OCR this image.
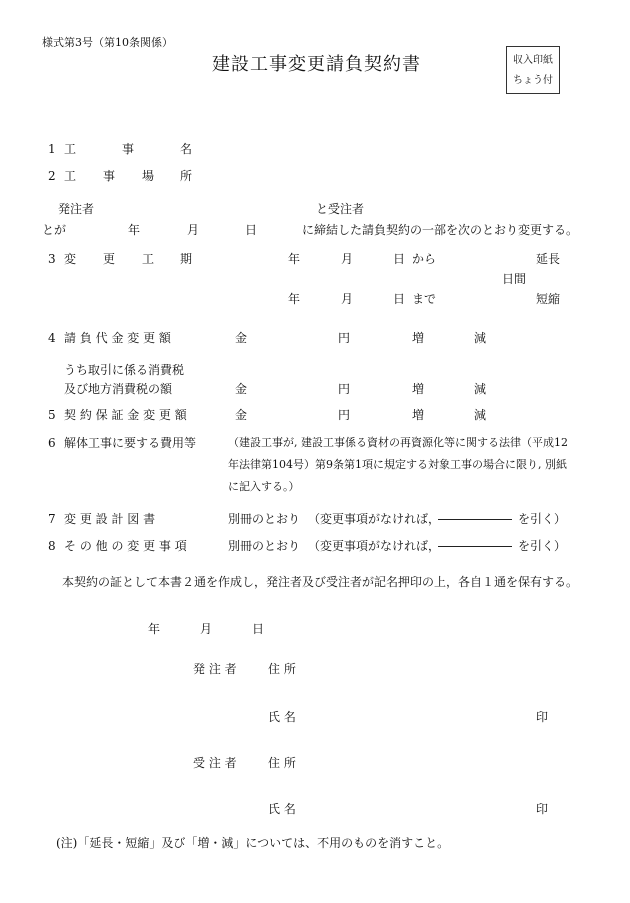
様式第3号（第10条関係）
建設工事変更請負契約書	収入印紙
ちょう付
1 工	事	名
2 工 事 場 所
発注者	と受注者
とが	年	月	日	に締結した請負契約の一部を次のとおり変更する。
3 変 更 工 期	年	月	日 から	延長
日間
年	月	日 まで	短縮
4 請 負 代 金 変 更 額	金	円	増	減
うち取引に係る消費税
及び地方消費税の額	金	円	増	減
5 契 約 保 証 金 変 更 額	金	円	増	減
6 解体工事に要する費用等	（建設工事が, 建設工事係る資材の再資源化等に関する法律（平成12
年法律第104号）第9条第1項に規定する対象工事の場合に限り, 別紙
に記入する。）
7 変 更 設 計 図 書	別冊のとおり （変更事項がなければ，	を引く）
8 そ の 他 の 変 更 事 項	別冊のとおり （変更事項がなければ，	を引く）
本契約の証として本書２通を作成し，発注者及び受注者が記名押印の上，各自１通を保有する。
年	月	日
発 注 者	住 所
氏 名	印
受 注 者	住 所
氏 名	印
(注)「延長・短縮」及び「増・減」については、不用のものを消すこと。
